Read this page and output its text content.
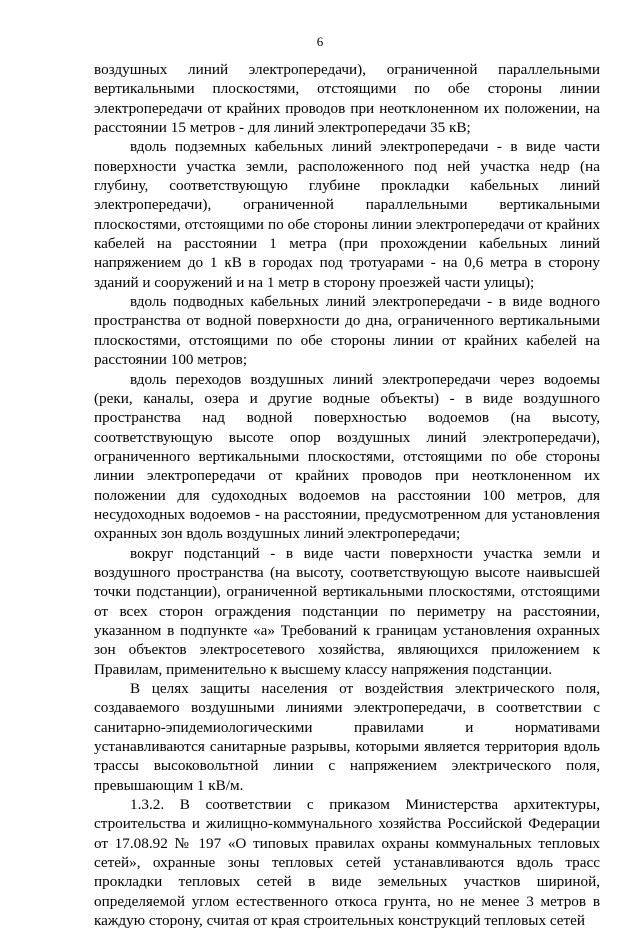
6

воздушных линий электропередачи), ограниченной параллельными вертикальными плоскостями, отстоящими по обе стороны линии электропередачи от крайних проводов при неотклоненном их положении, на расстоянии 15 метров - для линий электропередачи 35 кВ;

вдоль подземных кабельных линий электропередачи - в виде части поверхности участка земли, расположенного под ней участка недр (на глубину, соответствующую глубине прокладки кабельных линий электропередачи), ограниченной параллельными вертикальными плоскостями, отстоящими по обе стороны линии электропередачи от крайних кабелей на расстоянии 1 метра (при прохождении кабельных линий напряжением до 1 кВ в городах под тротуарами - на 0,6 метра в сторону зданий и сооружений и на 1 метр в сторону проезжей части улицы);

вдоль подводных кабельных линий электропередачи - в виде водного пространства от водной поверхности до дна, ограниченного вертикальными плоскостями, отстоящими по обе стороны линии от крайних кабелей на расстоянии 100 метров;

вдоль переходов воздушных линий электропередачи через водоемы (реки, каналы, озера и другие водные объекты) - в виде воздушного пространства над водной поверхностью водоемов (на высоту, соответствующую высоте опор воздушных линий электропередачи), ограниченного вертикальными плоскостями, отстоящими по обе стороны линии электропередачи от крайних проводов при неотклоненном их положении для судоходных водоемов на расстоянии 100 метров, для несудоходных водоемов - на расстоянии, предусмотренном для установления охранных зон вдоль воздушных линий электропередачи;

вокруг подстанций - в виде части поверхности участка земли и воздушного пространства (на высоту, соответствующую высоте наивысшей точки подстанции), ограниченной вертикальными плоскостями, отстоящими от всех сторон ограждения подстанции по периметру на расстоянии, указанном в подпункте «а» Требований к границам установления охранных зон объектов электросетевого хозяйства, являющихся приложением к Правилам, применительно к высшему классу напряжения подстанции.

В целях защиты населения от воздействия электрического поля, создаваемого воздушными линиями электропередачи, в соответствии с санитарно-эпидемиологическими правилами и нормативами устанавливаются санитарные разрывы, которыми является территория вдоль трассы высоковольтной линии с напряжением электрического поля, превышающим 1 кВ/м.

1.3.2. В соответствии с приказом Министерства архитектуры, строительства и жилищно-коммунального хозяйства Российской Федерации от 17.08.92 № 197 «О типовых правилах охраны коммунальных тепловых сетей», охранные зоны тепловых сетей устанавливаются вдоль трасс прокладки тепловых сетей в виде земельных участков шириной, определяемой углом естественного откоса грунта, но не менее 3 метров в каждую сторону, считая от края строительных конструкций тепловых сетей
